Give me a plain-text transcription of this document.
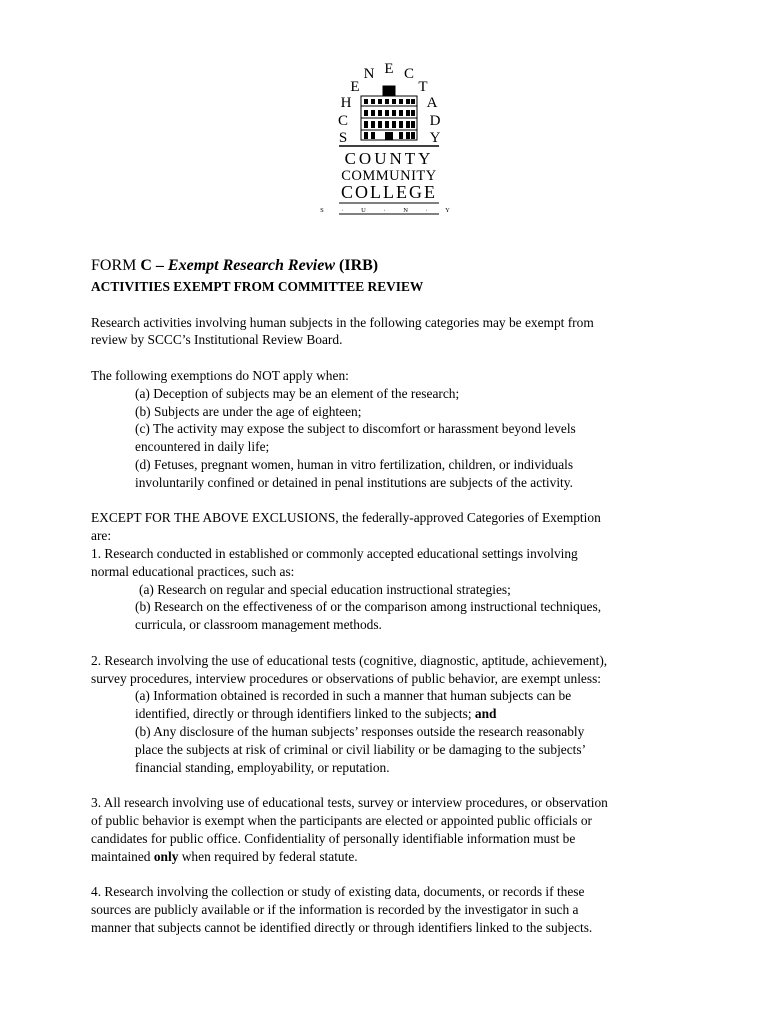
S
C
H
E
N E C
T
A
D
Y
COUNTY
COMMUNITY
COLLEGE
S · U · N · Y
FORM C – Exempt Research Review (IRB)

ACTIVITIES EXEMPT FROM COMMITTEE REVIEW

Research activities involving human subjects in the following categories may be exempt from

review by SCCC’s Institutional Review Board.

The following exemptions do NOT apply when:

(a) Deception of subjects may be an element of the research;

(b) Subjects are under the age of eighteen;

(c) The activity may expose the subject to discomfort or harassment beyond levels

encountered in daily life;

(d) Fetuses, pregnant women, human in vitro fertilization, children, or individuals

involuntarily confined or detained in penal institutions are subjects of the activity.

EXCEPT FOR THE ABOVE EXCLUSIONS, the federally-approved Categories of Exemption

are:

1. Research conducted in established or commonly accepted educational settings involving

normal educational practices, such as:

(a) Research on regular and special education instructional strategies;

(b) Research on the effectiveness of or the comparison among instructional techniques,

curricula, or classroom management methods.

2. Research involving the use of educational tests (cognitive, diagnostic, aptitude, achievement),

survey procedures, interview procedures or observations of public behavior, are exempt unless:

(a) Information obtained is recorded in such a manner that human subjects can be

identified, directly or through identifiers linked to the subjects; and

(b) Any disclosure of the human subjects’ responses outside the research reasonably

place the subjects at risk of criminal or civil liability or be damaging to the subjects’

financial standing, employability, or reputation.

3. All research involving use of educational tests, survey or interview procedures, or observation

of public behavior is exempt when the participants are elected or appointed public officials or

candidates for public office. Confidentiality of personally identifiable information must be

maintained only when required by federal statute.

4. Research involving the collection or study of existing data, documents, or records if these

sources are publicly available or if the information is recorded by the investigator in such a

manner that subjects cannot be identified directly or through identifiers linked to the subjects.
